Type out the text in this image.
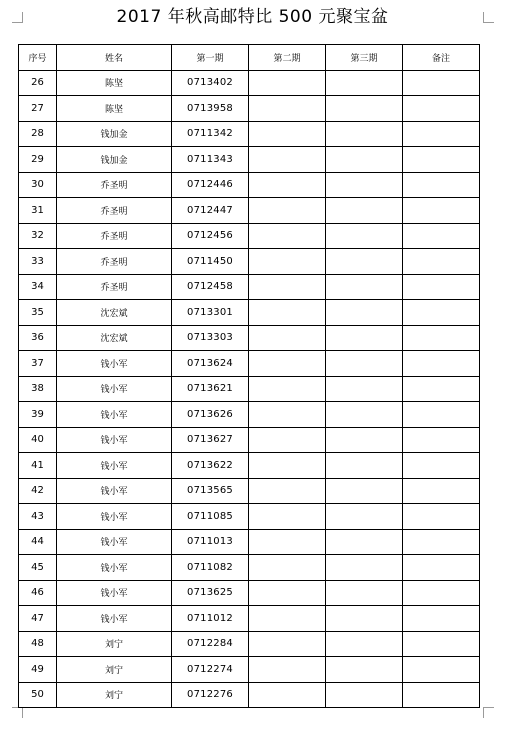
2017 年秋高邮特比 500 元聚宝盆
序号	姓名	第一期	第二期	第三期	备注
26	陈坚	0713402			
27	陈坚	0713958			
28	钱加金	0711342			
29	钱加金	0711343			
30	乔圣明	0712446			
31	乔圣明	0712447			
32	乔圣明	0712456			
33	乔圣明	0711450			
34	乔圣明	0712458			
35	沈宏斌	0713301			
36	沈宏斌	0713303			
37	钱小军	0713624			
38	钱小军	0713621			
39	钱小军	0713626			
40	钱小军	0713627			
41	钱小军	0713622			
42	钱小军	0713565			
43	钱小军	0711085			
44	钱小军	0711013			
45	钱小军	0711082			
46	钱小军	0713625			
47	钱小军	0711012			
48	刘宁	0712284			
49	刘宁	0712274			
50	刘宁	0712276			
